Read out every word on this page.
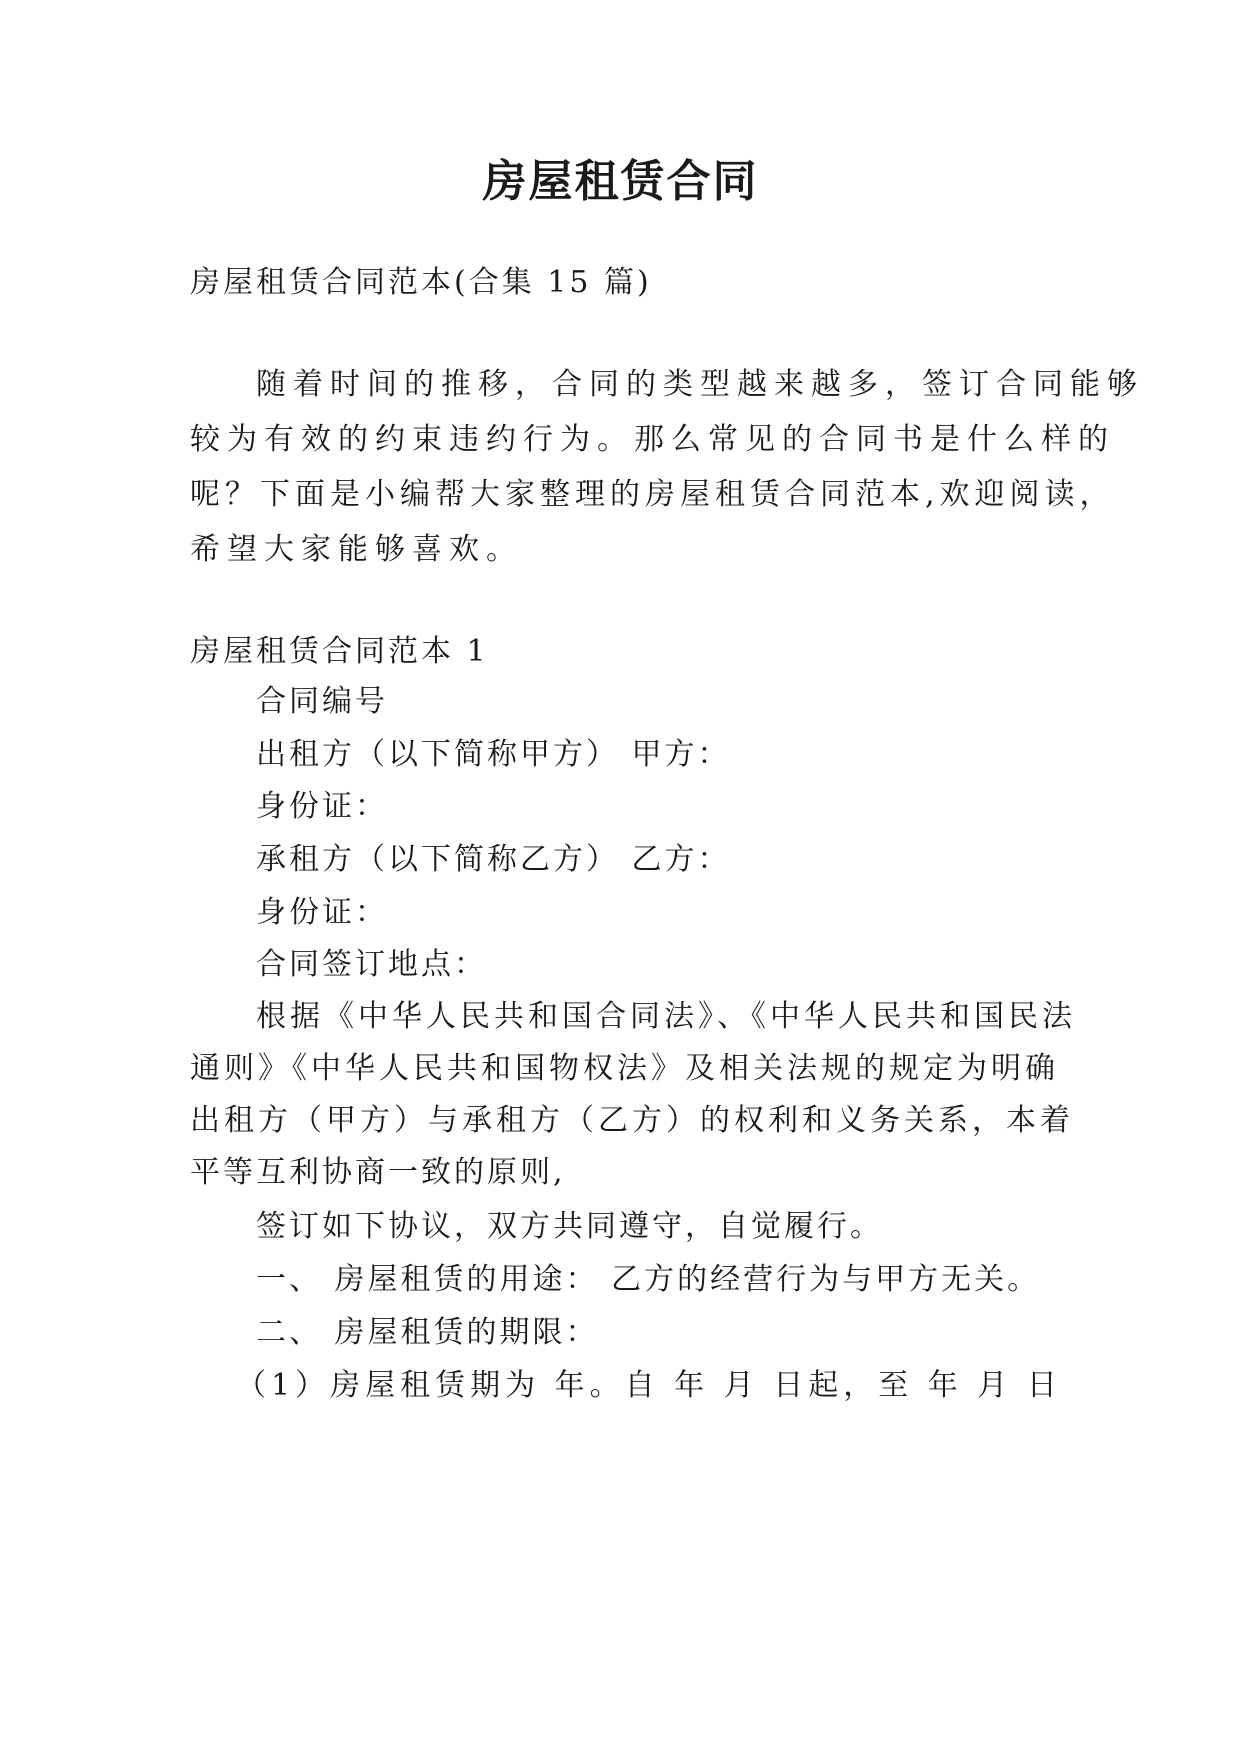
房屋租赁合同
房屋租赁合同范本(合集 15 篇)
随着时间的推移，合同的类型越来越多，签订合同能够
较为有效的约束违约行为。那么常见的合同书是什么样的
呢？下面是小编帮大家整理的房屋租赁合同范本,欢迎阅读，
希望大家能够喜欢。
房屋租赁合同范本 1
合同编号
出租方（以下简称甲方） 甲方：
身份证：
承租方（以下简称乙方） 乙方：
身份证：
合同签订地点：
根据《中华人民共和国合同法》、《中华人民共和国民法
通则》《中华人民共和国物权法》及相关法规的规定为明确
出租方（甲方）与承租方（乙方）的权利和义务关系，本着
平等互利协商一致的原则,
签订如下协议，双方共同遵守，自觉履行。
一、 房屋租赁的用途： 乙方的经营行为与甲方无关。
二、 房屋租赁的期限：
（1）房屋租赁期为 年。自 年 月 日起，至 年 月 日
